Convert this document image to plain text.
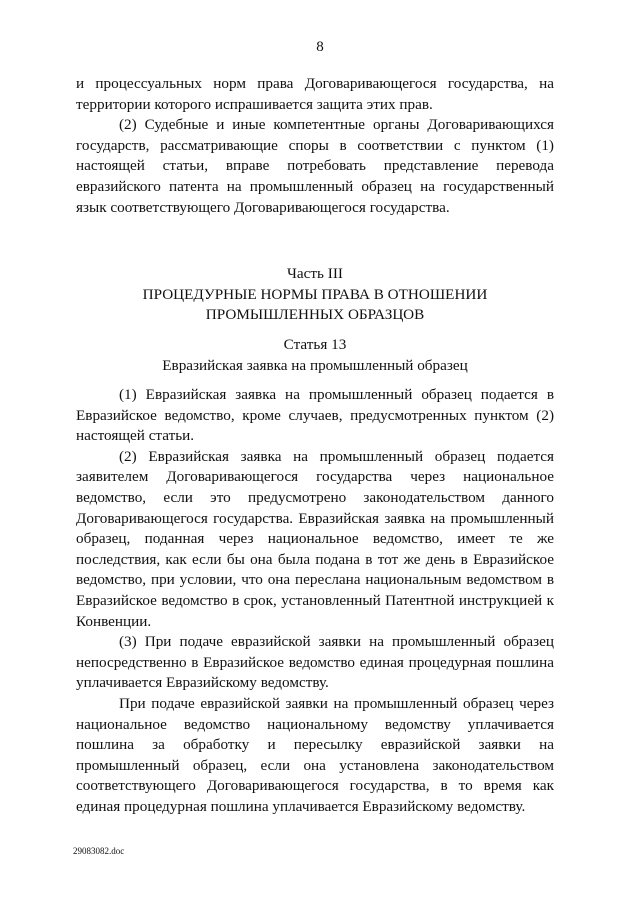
8

и процессуальных норм права Договаривающегося государства, на территории которого испрашивается защита этих прав.

(2) Судебные и иные компетентные органы Договаривающихся государств, рассматривающие споры в соответствии с пунктом (1) настоящей статьи, вправе потребовать представление перевода евразийского патента на промышленный образец на государственный язык соответствующего Договаривающегося государства.

Часть III

ПРОЦЕДУРНЫЕ НОРМЫ ПРАВА В ОТНОШЕНИИ

ПРОМЫШЛЕННЫХ ОБРАЗЦОВ

Статья 13

Евразийская заявка на промышленный образец

(1) Евразийская заявка на промышленный образец подается в Евразийское ведомство, кроме случаев, предусмотренных пунктом (2) настоящей статьи.

(2) Евразийская заявка на промышленный образец подается заявителем Договаривающегося государства через национальное ведомство, если это предусмотрено законодательством данного Договаривающегося государства. Евразийская заявка на промышленный образец, поданная через национальное ведомство, имеет те же последствия, как если бы она была подана в тот же день в Евразийское ведомство, при условии, что она переслана национальным ведомством в Евразийское ведомство в срок, установленный Патентной инструкцией к Конвенции.

(3) При подаче евразийской заявки на промышленный образец непосредственно в Евразийское ведомство единая процедурная пошлина уплачивается Евразийскому ведомству.

При подаче евразийской заявки на промышленный образец через национальное ведомство национальному ведомству уплачивается пошлина за обработку и пересылку евразийской заявки на промышленный образец, если она установлена законодательством соответствующего Договаривающегося государства, в то время как единая процедурная пошлина уплачивается Евразийскому ведомству.

29083082.doc
